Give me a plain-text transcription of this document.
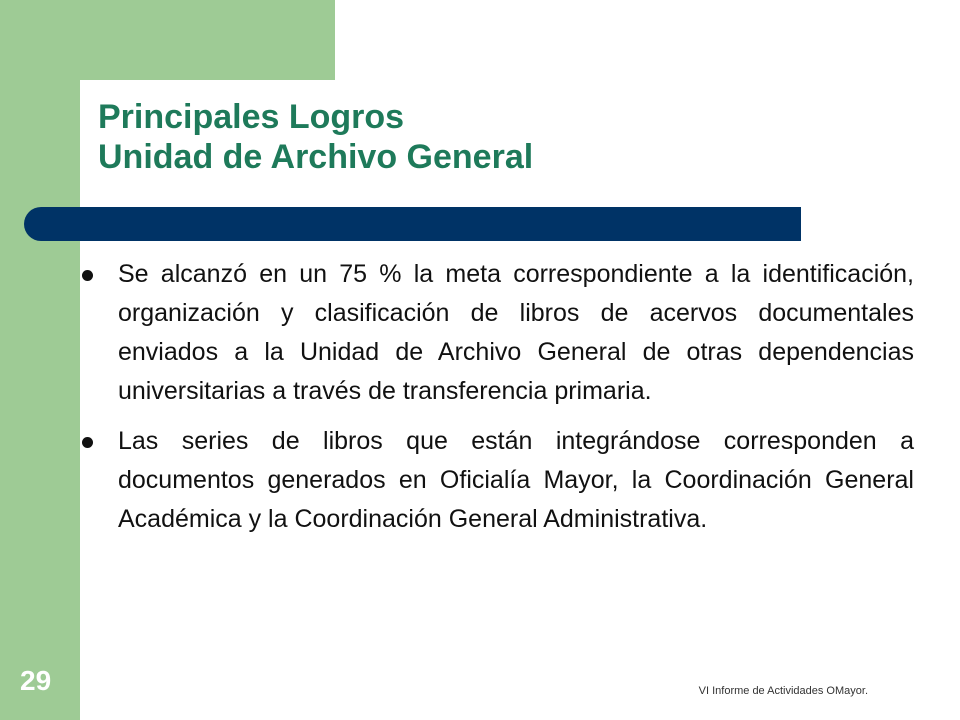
Principales Logros
Unidad de Archivo General
Se alcanzó en un 75 % la meta correspondiente a la identificación, organización y clasificación de libros de acervos documentales enviados a la Unidad de Archivo General de otras dependencias universitarias a través de transferencia primaria.
Las series de libros que están integrándose corresponden a documentos generados en Oficialía Mayor, la Coordinación General Académica y la Coordinación General Administrativa.
29	VI Informe de Actividades OMayor.
